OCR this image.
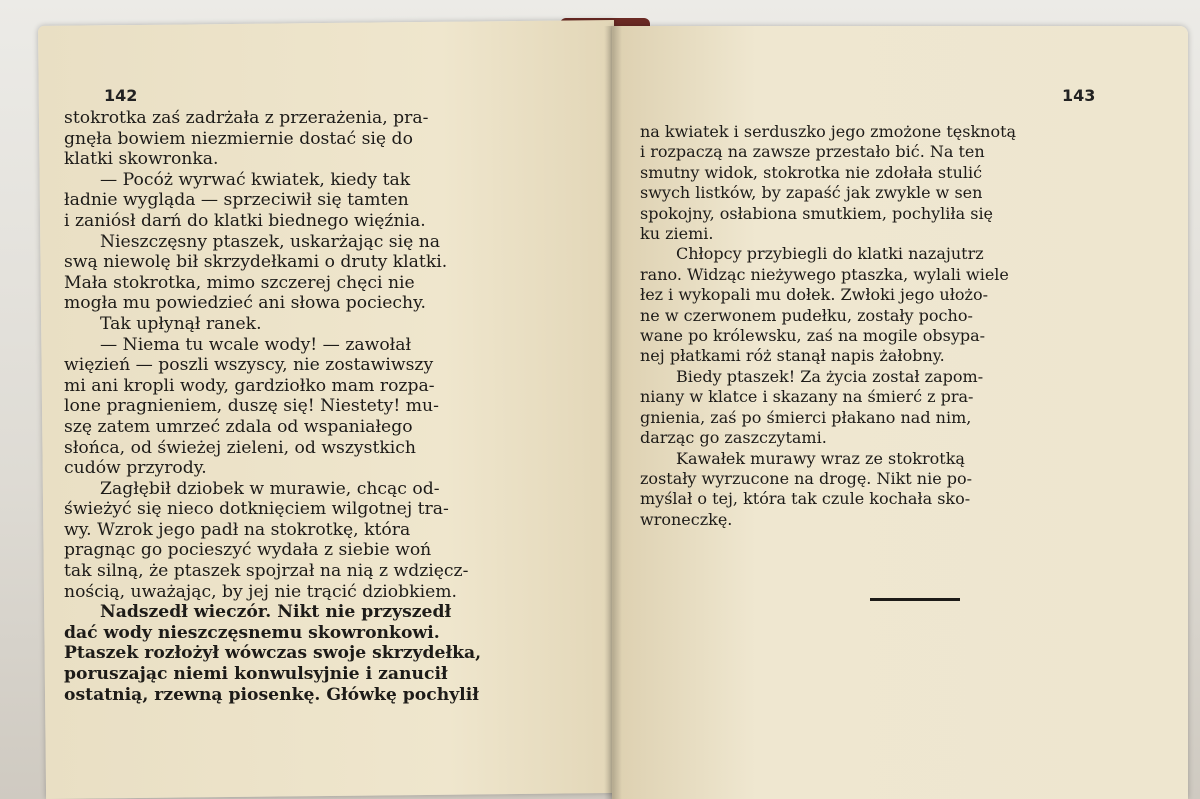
142	143

stokrotka zaś zadrżała z przerażenia, pra-

gnęła bowiem niezmiernie dostać się do

klatki skowronka.

— Pocóż wyrwać kwiatek, kiedy tak

ładnie wygląda — sprzeciwił się tamten

i zaniósł darń do klatki biednego więźnia.

Nieszczęsny ptaszek, uskarżając się na

swą niewolę bił skrzydełkami o druty klatki.

Mała stokrotka, mimo szczerej chęci nie

mogła mu powiedzieć ani słowa pociechy.

Tak upłynął ranek.

— Niema tu wcale wody! — zawołał

więzień — poszli wszyscy, nie zostawiwszy

mi ani kropli wody, gardziołko mam rozpa-

lone pragnieniem, duszę się! Niestety! mu-

szę zatem umrzeć zdala od wspaniałego

słońca, od świeżej zieleni, od wszystkich

cudów przyrody.

Zagłębił dziobek w murawie, chcąc od-

świeżyć się nieco dotknięciem wilgotnej tra-

wy. Wzrok jego padł na stokrotkę, która

pragnąc go pocieszyć wydała z siebie woń

tak silną, że ptaszek spojrzał na nią z wdzięcz-

nością, uważając, by jej nie trącić dziobkiem.

Nadszedł wieczór. Nikt nie przyszedł

dać wody nieszczęsnemu skowronkowi.

Ptaszek rozłożył wówczas swoje skrzydełka,

poruszając niemi konwulsyjnie i zanucił

ostatnią, rzewną piosenkę. Główkę pochylił

na kwiatek i serduszko jego zmożone tęsknotą

i rozpaczą na zawsze przestało bić. Na ten

smutny widok, stokrotka nie zdołała stulić

swych listków, by zapaść jak zwykle w sen

spokojny, osłabiona smutkiem, pochyliła się

ku ziemi.

Chłopcy przybiegli do klatki nazajutrz

rano. Widząc nieżywego ptaszka, wylali wiele

łez i wykopali mu dołek. Zwłoki jego ułożo-

ne w czerwonem pudełku, zostały pocho-

wane po królewsku, zaś na mogile obsypa-

nej płatkami róż stanął napis żałobny.

Biedy ptaszek! Za życia został zapom-

niany w klatce i skazany na śmierć z pra-

gnienia, zaś po śmierci płakano nad nim,

darząc go zaszczytami.

Kawałek murawy wraz ze stokrotką

zostały wyrzucone na drogę. Nikt nie po-

myślał o tej, która tak czule kochała sko-

wroneczkę.
